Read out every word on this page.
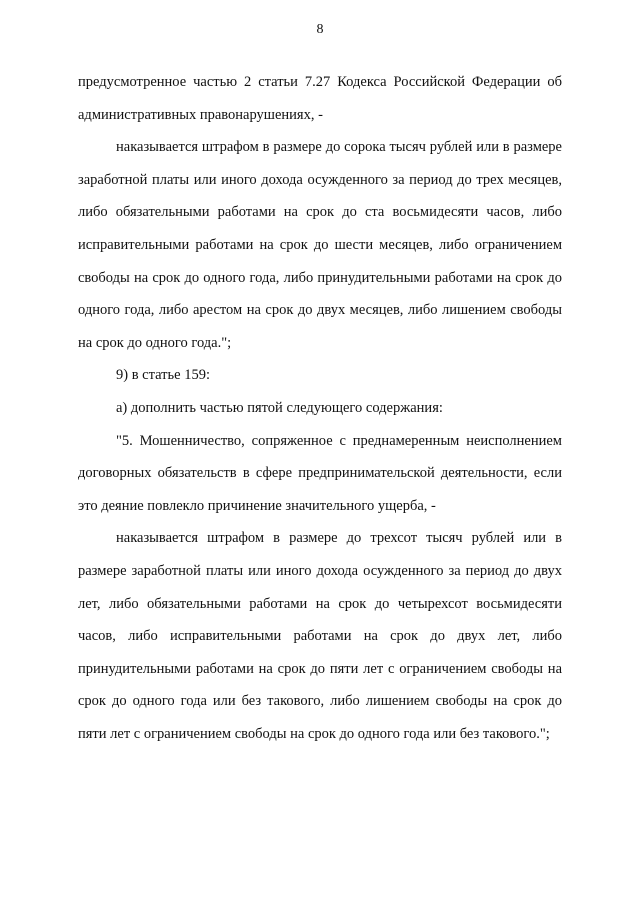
8

предусмотренное частью 2 статьи 7.27 Кодекса Российской Федерации об административных правонарушениях, -

наказывается штрафом в размере до сорока тысяч рублей или в размере заработной платы или иного дохода осужденного за период до трех месяцев, либо обязательными работами на срок до ста восьмидесяти часов, либо исправительными работами на срок до шести месяцев, либо ограничением свободы на срок до одного года, либо принудительными работами на срок до одного года, либо арестом на срок до двух месяцев, либо лишением свободы на срок до одного года.";

9) в статье 159:

а) дополнить частью пятой следующего содержания:

"5. Мошенничество, сопряженное с преднамеренным неисполнением договорных обязательств в сфере предпринимательской деятельности, если это деяние повлекло причинение значительного ущерба, -

наказывается штрафом в размере до трехсот тысяч рублей или в размере заработной платы или иного дохода осужденного за период до двух лет, либо обязательными работами на срок до четырехсот восьмидесяти часов, либо исправительными работами на срок до двух лет, либо принудительными работами на срок до пяти лет с ограничением свободы на срок до одного года или без такового, либо лишением свободы на срок до пяти лет с ограничением свободы на срок до одного года или без такового.";
